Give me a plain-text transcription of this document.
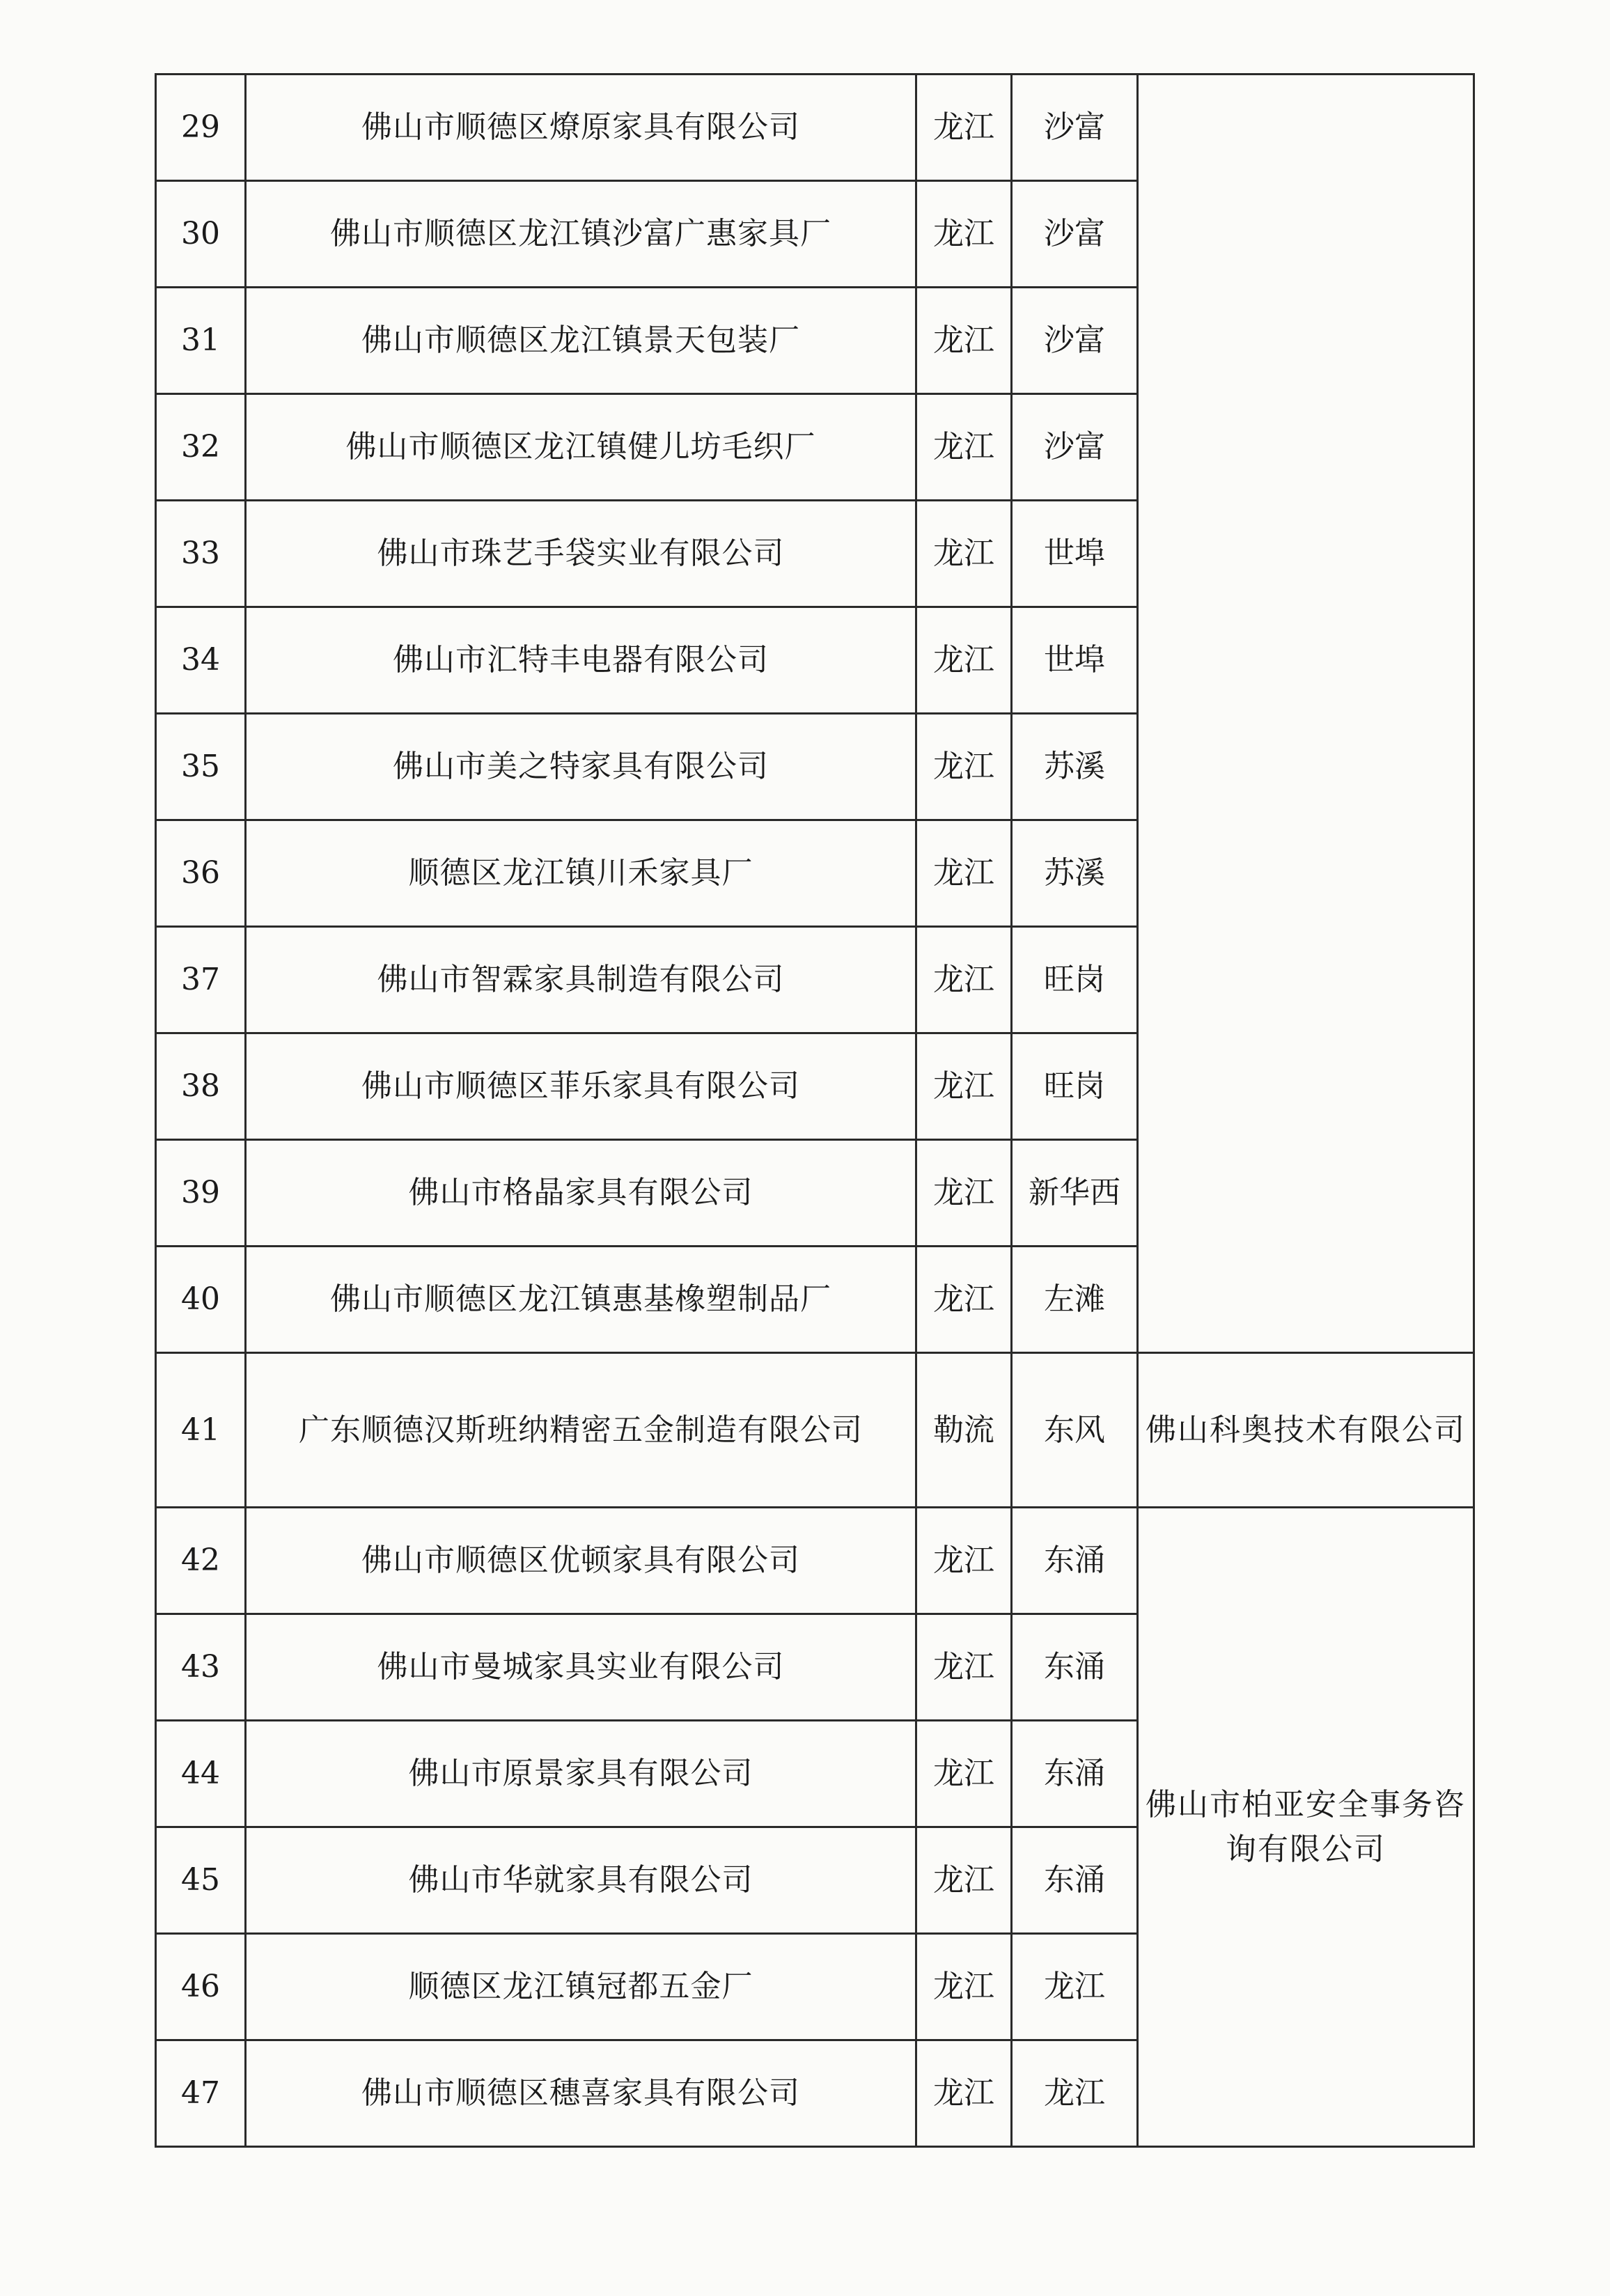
29	佛山市顺德区燎原家具有限公司	龙江	沙富	
30	佛山市顺德区龙江镇沙富广惠家具厂	龙江	沙富	
31	佛山市顺德区龙江镇景天包装厂	龙江	沙富	
32	佛山市顺德区龙江镇健儿坊毛织厂	龙江	沙富	
33	佛山市珠艺手袋实业有限公司	龙江	世埠	
34	佛山市汇特丰电器有限公司	龙江	世埠	
35	佛山市美之特家具有限公司	龙江	苏溪	
36	顺德区龙江镇川禾家具厂	龙江	苏溪	
37	佛山市智霖家具制造有限公司	龙江	旺岗	
38	佛山市顺德区菲乐家具有限公司	龙江	旺岗	
39	佛山市格晶家具有限公司	龙江	新华西	
40	佛山市顺德区龙江镇惠基橡塑制品厂	龙江	左滩	
41	广东顺德汉斯班纳精密五金制造有限公司	勒流	东风	佛山科奥技术有限公司
42	佛山市顺德区优顿家具有限公司	龙江	东涌	佛山市柏亚安全事务咨询有限公司
43	佛山市曼城家具实业有限公司	龙江	东涌	
44	佛山市原景家具有限公司	龙江	东涌	
45	佛山市华就家具有限公司	龙江	东涌	
46	顺德区龙江镇冠都五金厂	龙江	龙江	
47	佛山市顺德区穗喜家具有限公司	龙江	龙江	
